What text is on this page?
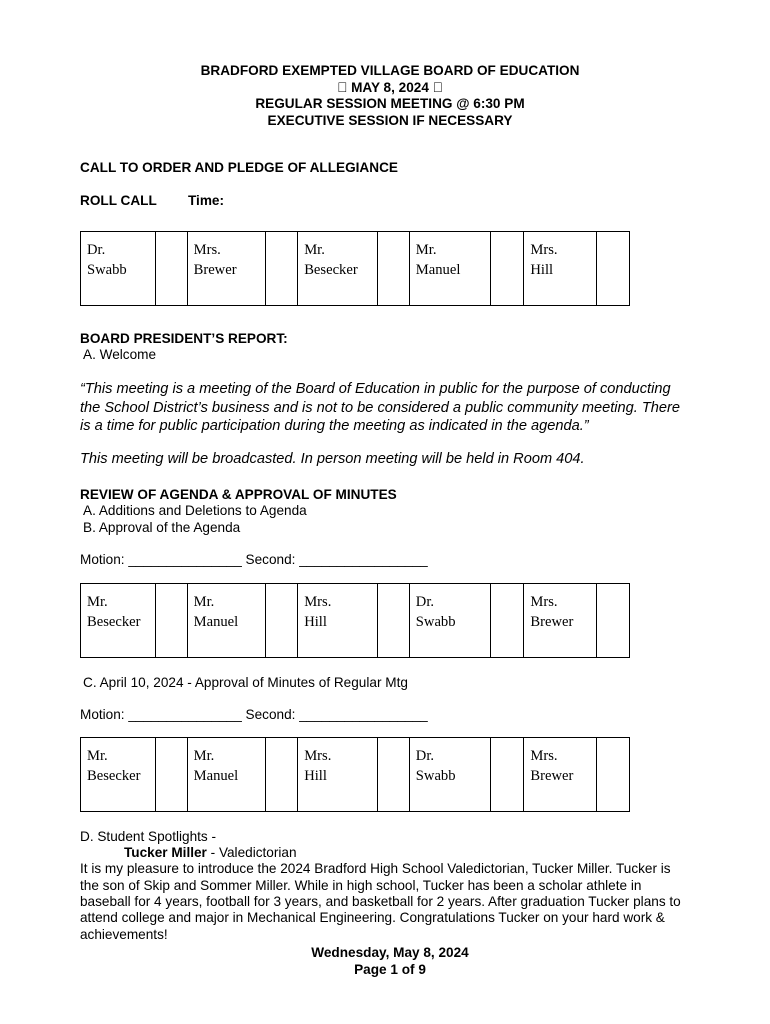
BRADFORD EXEMPTED VILLAGE BOARD OF EDUCATION
MAY 8, 2024
REGULAR SESSION MEETING @ 6:30 PM
EXECUTIVE SESSION IF NECESSARY
CALL TO ORDER AND PLEDGE OF ALLEGIANCE
ROLL CALL Time:
Dr.
Swabb
Mrs.
Brewer
Mr.
Besecker
Mr.
Manuel
Mrs.
Hill
BOARD PRESIDENT’S REPORT:
A. Welcome
“This meeting is a meeting of the Board of Education in public for the purpose of conducting
the School District’s business and is not to be considered a public community meeting. There
is a time for public participation during the meeting as indicated in the agenda.”
This meeting will be broadcasted. In person meeting will be held in Room 404.
REVIEW OF AGENDA & APPROVAL OF MINUTES
A. Additions and Deletions to Agenda
B. Approval of the Agenda
Motion: _______________ Second: _________________
Mr.
Besecker
Mr.
Manuel
Mrs.
Hill
Dr.
Swabb
Mrs.
Brewer
C. April 10, 2024 - Approval of Minutes of Regular Mtg
Motion: _______________ Second: _________________
Mr.
Besecker
Mr.
Manuel
Mrs.
Hill
Dr.
Swabb
Mrs.
Brewer
D. Student Spotlights -
Tucker Miller - Valedictorian
It is my pleasure to introduce the 2024 Bradford High School Valedictorian, Tucker Miller. Tucker is
the son of Skip and Sommer Miller. While in high school, Tucker has been a scholar athlete in
baseball for 4 years, football for 3 years, and basketball for 2 years. After graduation Tucker plans to
attend college and major in Mechanical Engineering. Congratulations Tucker on your hard work &
achievements!
Wednesday, May 8, 2024
Page 1 of 9
